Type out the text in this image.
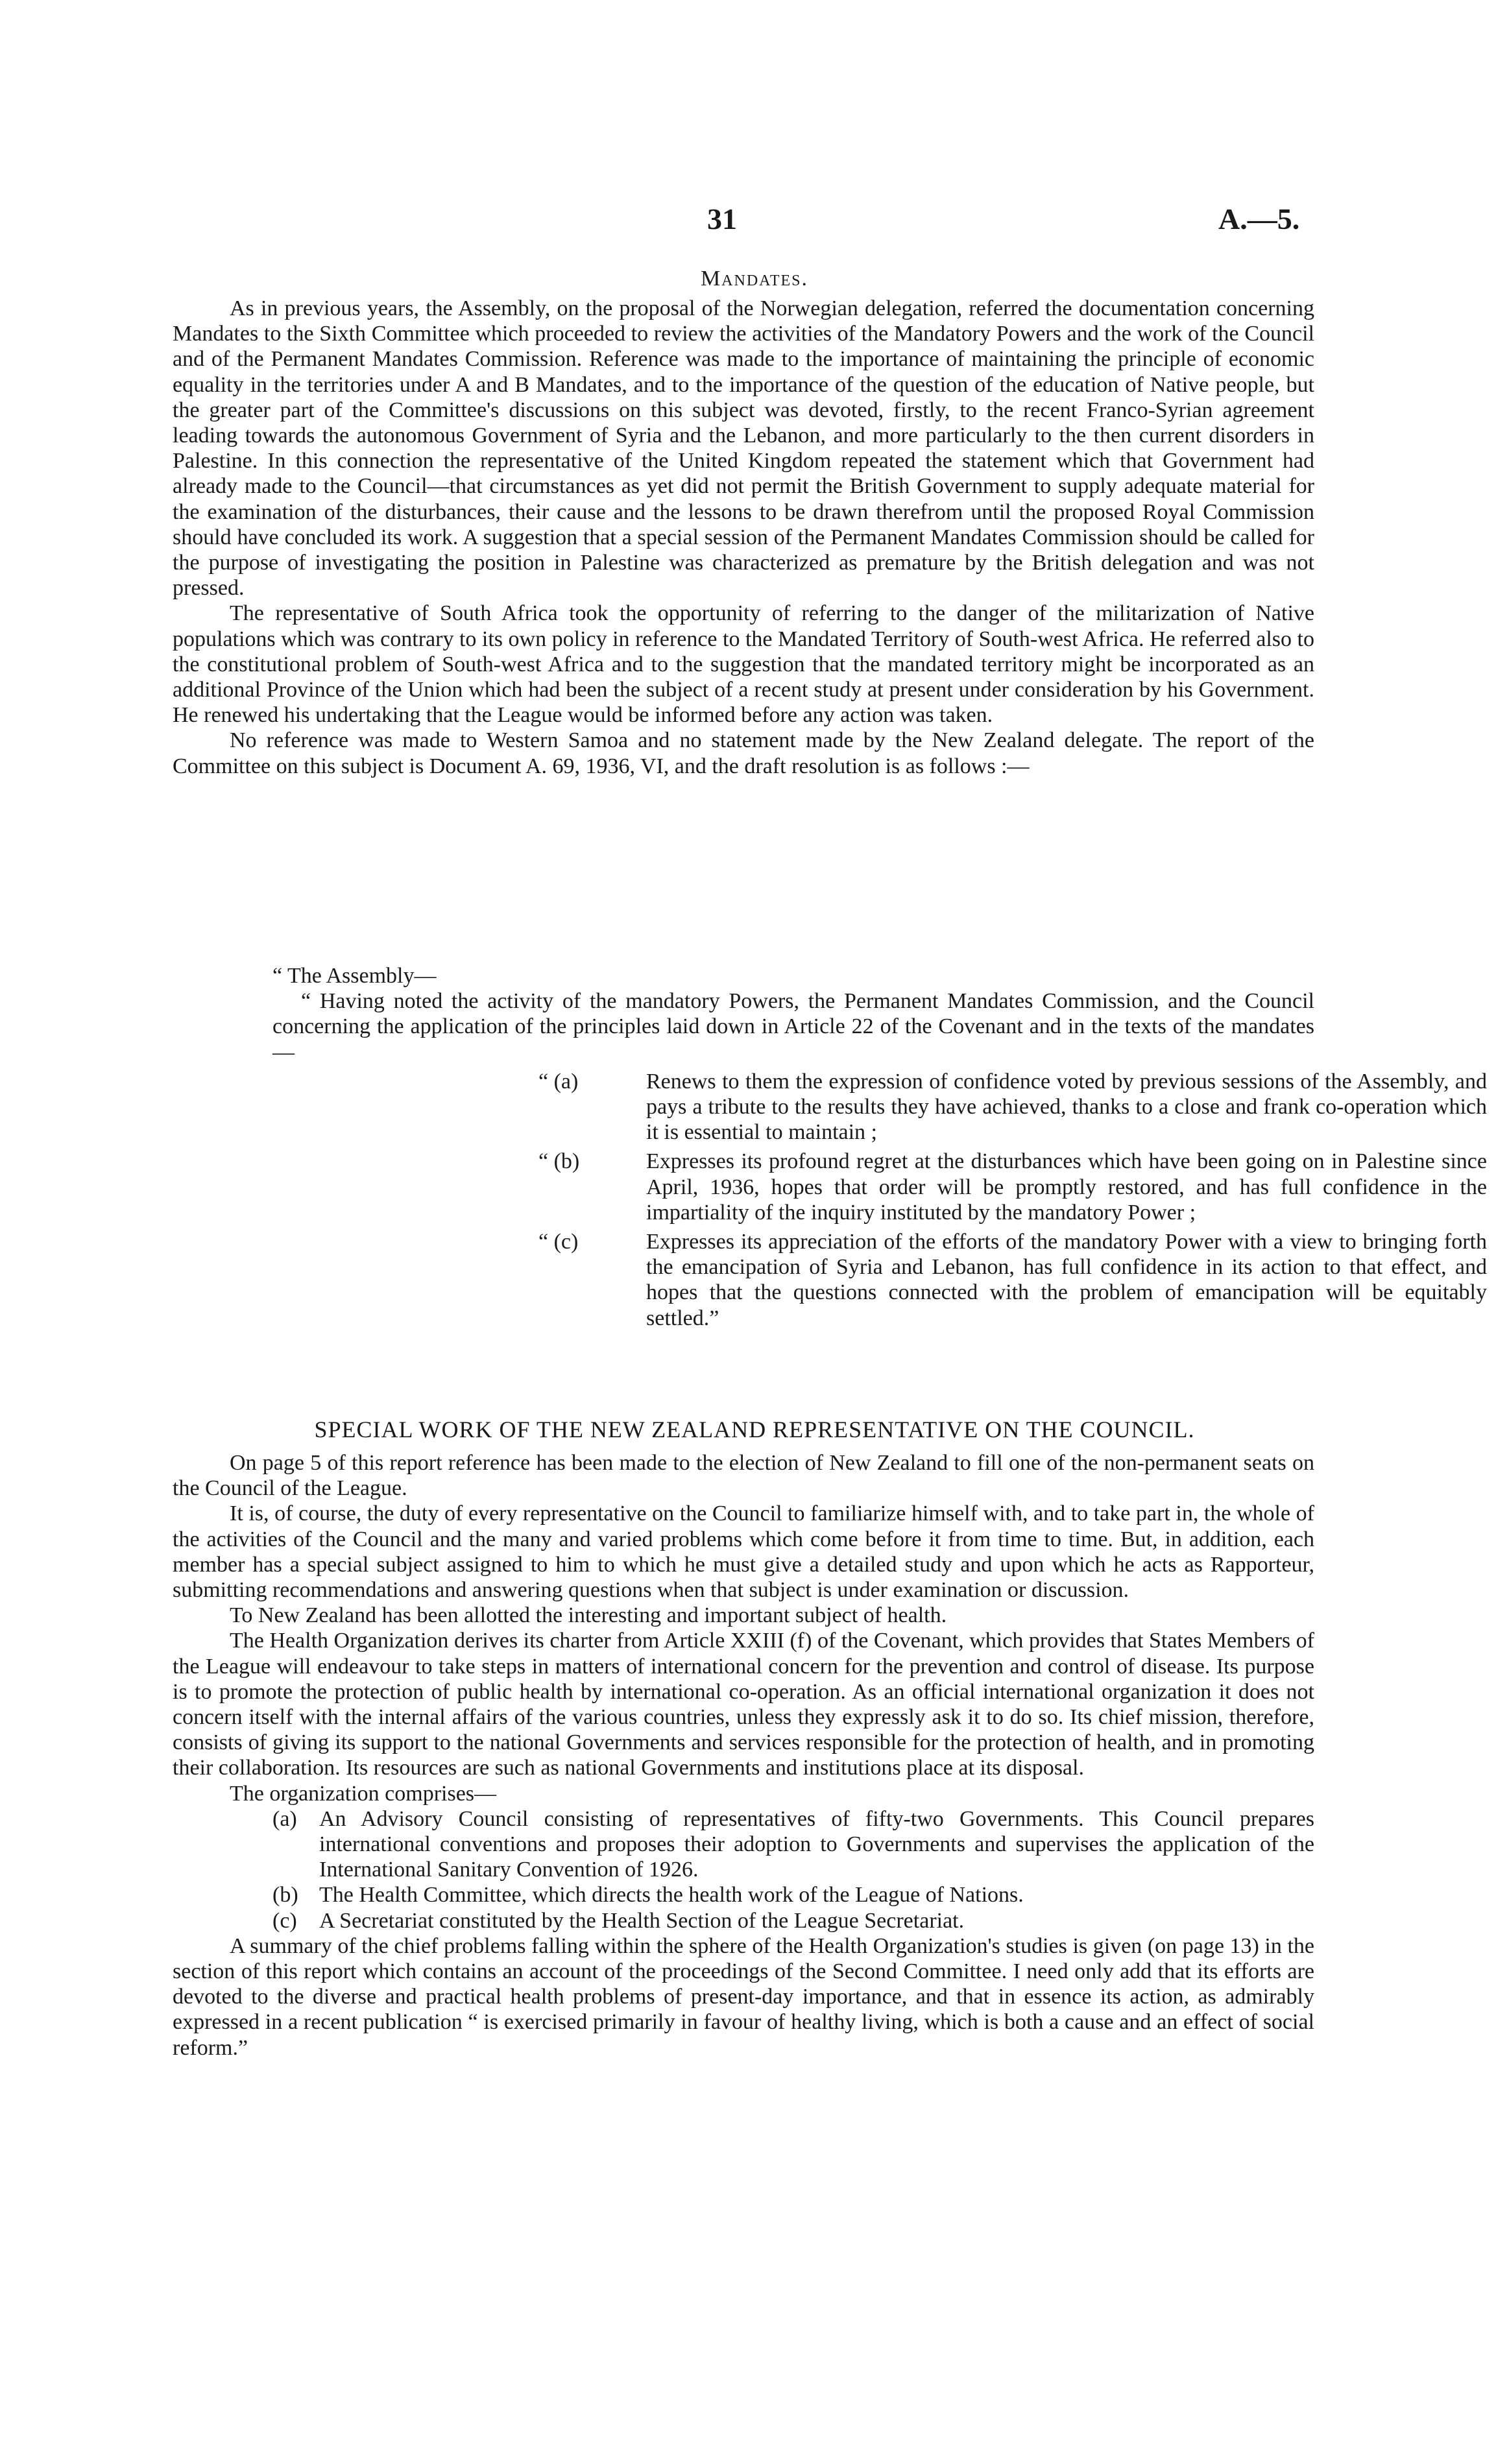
31	A.—5.
Mandates.

As in previous years, the Assembly, on the proposal of the Norwegian delegation, referred the documentation concerning Mandates to the Sixth Committee which proceeded to review the activities of the Mandatory Powers and the work of the Council and of the Permanent Mandates Commission. Reference was made to the importance of maintaining the principle of economic equality in the territories under A and B Mandates, and to the importance of the question of the education of Native people, but the greater part of the Committee's discussions on this subject was devoted, firstly, to the recent Franco-Syrian agreement leading towards the autonomous Government of Syria and the Lebanon, and more particularly to the then current disorders in Palestine. In this connection the representative of the United Kingdom repeated the statement which that Government had already made to the Council—that circumstances as yet did not permit the British Government to supply adequate material for the examination of the disturbances, their cause and the lessons to be drawn therefrom until the proposed Royal Commission should have concluded its work. A suggestion that a special session of the Permanent Mandates Commission should be called for the purpose of investigating the position in Palestine was characterized as premature by the British delegation and was not pressed.

The representative of South Africa took the opportunity of referring to the danger of the militarization of Native populations which was contrary to its own policy in reference to the Mandated Territory of South-west Africa. He referred also to the constitutional problem of South-west Africa and to the suggestion that the mandated territory might be incorporated as an additional Province of the Union which had been the subject of a recent study at present under consideration by his Government. He renewed his undertaking that the League would be informed before any action was taken.

No reference was made to Western Samoa and no statement made by the New Zealand delegate. The report of the Committee on this subject is Document A. 69, 1936, VI, and the draft resolution is as follows :—

“ The Assembly—

“ Having noted the activity of the mandatory Powers, the Permanent Mandates Commission, and the Council concerning the application of the principles laid down in Article 22 of the Covenant and in the texts of the mandates—

“ (a)	Renews to them the expression of confidence voted by previous sessions of the Assembly, and pays a tribute to the results they have achieved, thanks to a close and frank co-operation which it is essential to maintain ;
“ (b)	Expresses its profound regret at the disturbances which have been going on in Palestine since April, 1936, hopes that order will be promptly restored, and has full confidence in the impartiality of the inquiry instituted by the mandatory Power ;
“ (c)	Expresses its appreciation of the efforts of the mandatory Power with a view to bringing forth the emancipation of Syria and Lebanon, has full confidence in its action to that effect, and hopes that the questions connected with the problem of emancipation will be equitably settled.”
SPECIAL WORK OF THE NEW ZEALAND REPRESENTATIVE ON THE COUNCIL.

On page 5 of this report reference has been made to the election of New Zealand to fill one of the non-permanent seats on the Council of the League.

It is, of course, the duty of every representative on the Council to familiarize himself with, and to take part in, the whole of the activities of the Council and the many and varied problems which come before it from time to time. But, in addition, each member has a special subject assigned to him to which he must give a detailed study and upon which he acts as Rapporteur, submitting recommendations and answering questions when that subject is under examination or discussion.

To New Zealand has been allotted the interesting and important subject of health.

The Health Organization derives its charter from Article XXIII (f) of the Covenant, which provides that States Members of the League will endeavour to take steps in matters of international concern for the prevention and control of disease. Its purpose is to promote the protection of public health by international co-operation. As an official international organization it does not concern itself with the internal affairs of the various countries, unless they expressly ask it to do so. Its chief mission, therefore, consists of giving its support to the national Governments and services responsible for the protection of health, and in promoting their collaboration. Its resources are such as national Governments and institutions place at its disposal.

The organization comprises—

(a)	An Advisory Council consisting of representatives of fifty-two Governments. This Council prepares international conventions and proposes their adoption to Governments and supervises the application of the International Sanitary Convention of 1926.
(b) The Health Committee, which directs the health work of the League of Nations.
(c)	A Secretariat constituted by the Health Section of the League Secretariat.

A summary of the chief problems falling within the sphere of the Health Organization's studies is given (on page 13) in the section of this report which contains an account of the proceedings of the Second Committee. I need only add that its efforts are devoted to the diverse and practical health problems of present-day importance, and that in essence its action, as admirably expressed in a recent publication “ is exercised primarily in favour of healthy living, which is both a cause and an effect of social reform.”
